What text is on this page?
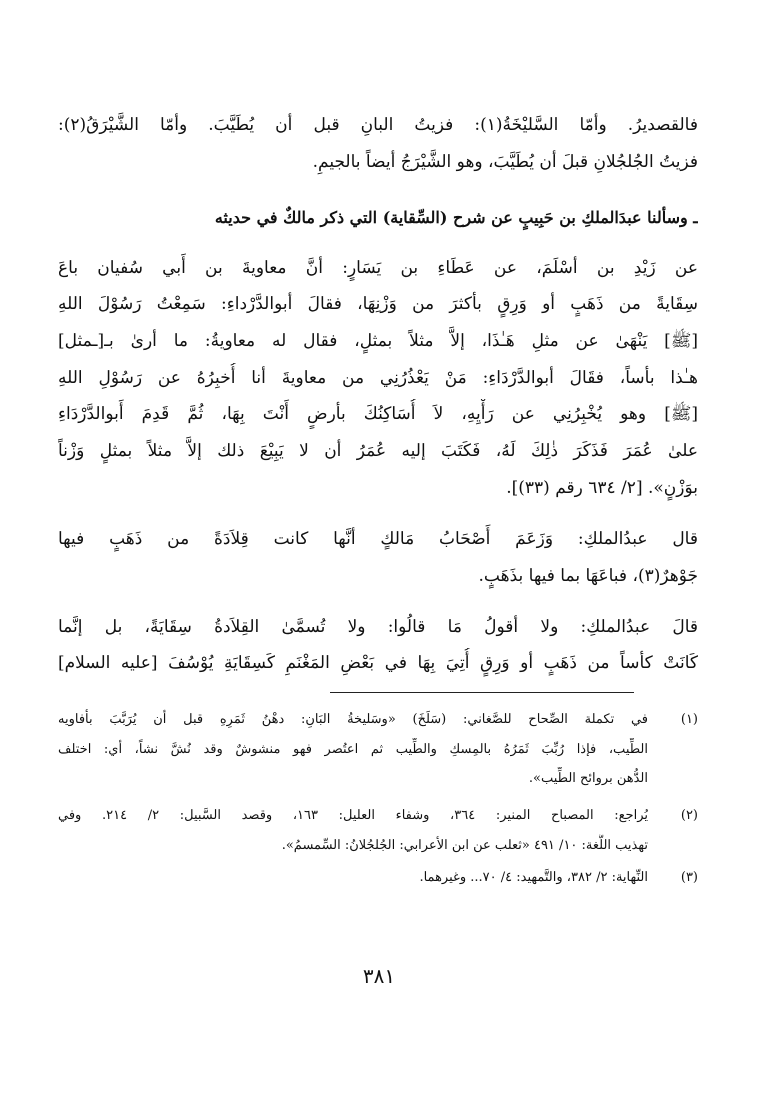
فالقصديرُ. وأمّا السَّليْخَةُ(١): فزيتُ البانِ قبل أن يُطَيَّبَ. وأمّا الشَّيْرَقُ(٢):
فزيتُ الجُلجُلانِ قبلَ أن يُطَيَّبَ، وهو الشَّيْرَجُ أيضاً بالجيمِ.
ـ وسألنا عبدَالملكِ بن حَبِيبٍ عن شرح (السِّقاية) التي ذكر مالكٌ في حديثه
عن زَيْدِ بن أسْلَمَ، عن عَطَاءِ بن يَسَارٍ: أنَّ معاويةَ بن أَبي سُفيان باعَ
سِقَايةً من ذَهَبٍ أو وَرِقٍ بأكثرَ من وَزْنِهَا، فقالَ أبوالدَّرْداءِ: سَمِعْتُ رَسُوْلَ اللهِ
[ﷺ] يَنْهَىٰ عن مثلِ هَـٰذَا، إلاَّ مثلاً بمثلٍ، فقال له معاويةُ: ما أرىٰ بـ[ـمثل]
هـٰذا بأساً، فقَالَ أبوالدَّرْدَاءِ: مَنْ يَعْذُرُنِي من معاويةَ أنا أُخبِرُهُ عن رَسُوْلِ اللهِ
[ﷺ] وهو يُخْبِرُنِي عن رَأْيِهِ، لاَ أُسَاكِنُكَ بأرضٍ أَنْتَ بِهَا، ثُمَّ قَدِمَ أَبوالدَّرْدَاءِ
علىٰ عُمَرَ فَذَكَرَ ذٰلِكَ لَهُ، فَكَتَبَ إليه عُمَرُ أن لا يَبِيْعَ ذلك إلاَّ مثلاً بمثلٍ وَزْناً
بوَزْنٍ». [٢/ ٦٣٤ رقم (٣٣)].
قال عبدُالملكِ: وَزَعَمَ أَصْحَابُ مَالكٍ أنَّها كانت قِلاَدَةً من ذَهَبٍ فيها
جَوْهرٌ(٣)، فباعَهَا بما فيها بذَهَبٍ.
قالَ عبدُالملكِ: ولا أقولُ مَا قالُوا: ولا تُسمَّىٰ القِلاَدةُ سِقَايَةً، بل إنَّما
كَانَتْ كأساً من ذَهَبٍ أو وَرِقٍ أُتِيَ بِهَا في بَعْضِ المَغْنَمِ كَسِقَايَةِ يُوْسُفَ [عليه السلام]
(١)
في تكملة الصِّحاح للصَّغاني: (سَلَخَ) «وسَليخةُ البَانِ: دهْنُ ثَمَرِهِ قبل أن يُرَبَّبَ بأفاويه
الطِّيب، فإذا رُبِّبَ ثَمَرُهُ بالمِسكِ والطِّيب ثم اعتُصر فهو منشوشٌ وقد نُشَّ نشاً، أي: اختلف
الدُّهن بروائح الطِّيب».
(٢)
يُراجع: المصباح المنير: ٣٦٤، وشفاء العليل: ١٦٣، وقصد السَّبيل: ٢/ ٢١٤. وفي
تهذيب اللُّغة: ١٠/ ٤٩١ «ثعلب عن ابن الأعرابي: الجُلجُلانُ: السِّمسمُ».
(٣)
النِّهاية: ٢/ ٣٨٢، والتَّمهيد: ٤/ ٧٠... وغيرهما.
٣٨١
